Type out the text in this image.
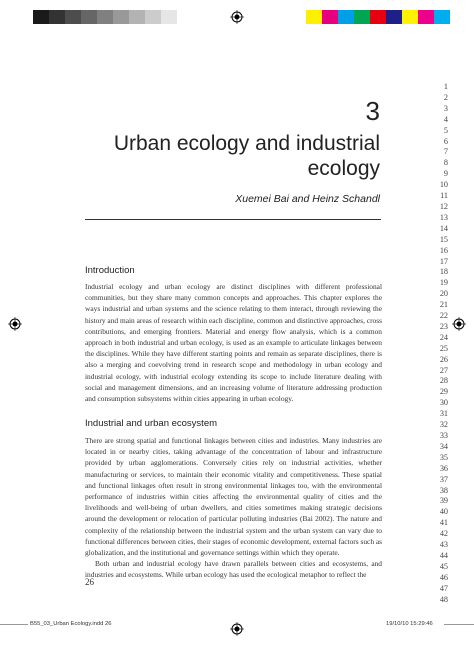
3
Urban ecology and industrial
ecology
Xuemei Bai and Heinz Schandl
Introduction

Industrial ecology and urban ecology are distinct disciplines with different professional communities, but they share many common concepts and approaches. This chapter explores the ways industrial and urban systems and the science relating to them interact, through reviewing the history and main areas of research within each discipline, common and distinctive approaches, cross contributions, and emerging frontiers. Material and energy flow analysis, which is a common approach in both industrial and urban ecology, is used as an example to articulate linkages between the disciplines. While they have different starting points and remain as separate disciplines, there is also a merging and coevolving trend in research scope and methodology in urban ecology and industrial ecology, with industrial ecology extending its scope to include literature dealing with social and management dimensions, and an increasing volume of literature addressing production and consumption subsystems within cities appearing in urban ecology.

Industrial and urban ecosystem

There are strong spatial and functional linkages between cities and industries. Many industries are located in or nearby cities, taking advantage of the concentration of labour and infrastructure provided by urban agglomerations. Conversely cities rely on industrial activities, whether manufacturing or services, to maintain their economic vitality and competitiveness. These spatial and functional linkages often result in strong environmental linkages too, with the environmental performance of industries within cities affecting the environmental quality of cities and the livelihoods and well-being of urban dwellers, and cities sometimes making strategic decisions around the development or relocation of particular polluting industries (Bai 2002). The nature and complexity of the relationship between the industrial system and the urban system can vary due to functional differences between cities, their stages of economic development, external factors such as globalization, and the institutional and governance settings within which they operate.

Both urban and industrial ecology have drawn parallels between cities and ecosystems, and industries and ecosystems. While urban ecology has used the ecological metaphor to reflect the

1
2
3
4
5
6
7
8
9
10
11
12
13
14
15
16
17
18
19
20
21
22
23
24
25
26
27
28
29
30
31
32
33
34
35
36
37
38
39
40
41
42
43
44
45
46
47
48
26
B55_03_Urban Ecology.indd 26	19/10/10 15:29:46
